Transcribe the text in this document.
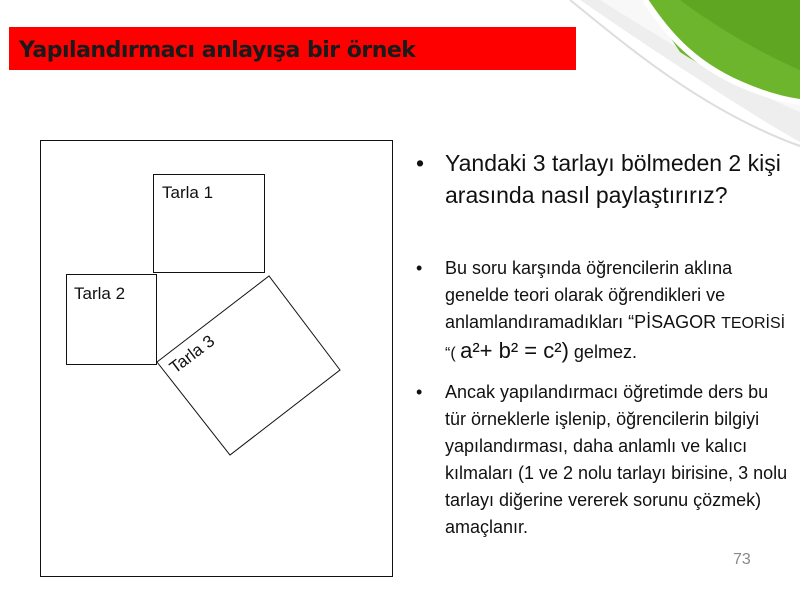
Yapılandırmacı anlayışa bir örnek
Tarla 1
Tarla 2
Tarla 3
• Yandaki 3 tarlayı bölmeden 2 kişi arasında nasıl paylaştırırız?
• Bu soru karşında öğrencilerin aklına genelde teori olarak öğrendikleri ve anlamlandıramadıkları “PİSAGOR TEORİSİ “( a²+ b² = c²) gelmez.
• Ancak yapılandırmacı öğretimde ders bu tür örneklerle işlenip, öğrencilerin bilgiyi yapılandırması, daha anlamlı ve kalıcı kılmaları (1 ve 2 nolu tarlayı birisine, 3 nolu tarlayı diğerine vererek sorunu çözmek) amaçlanır.
73
